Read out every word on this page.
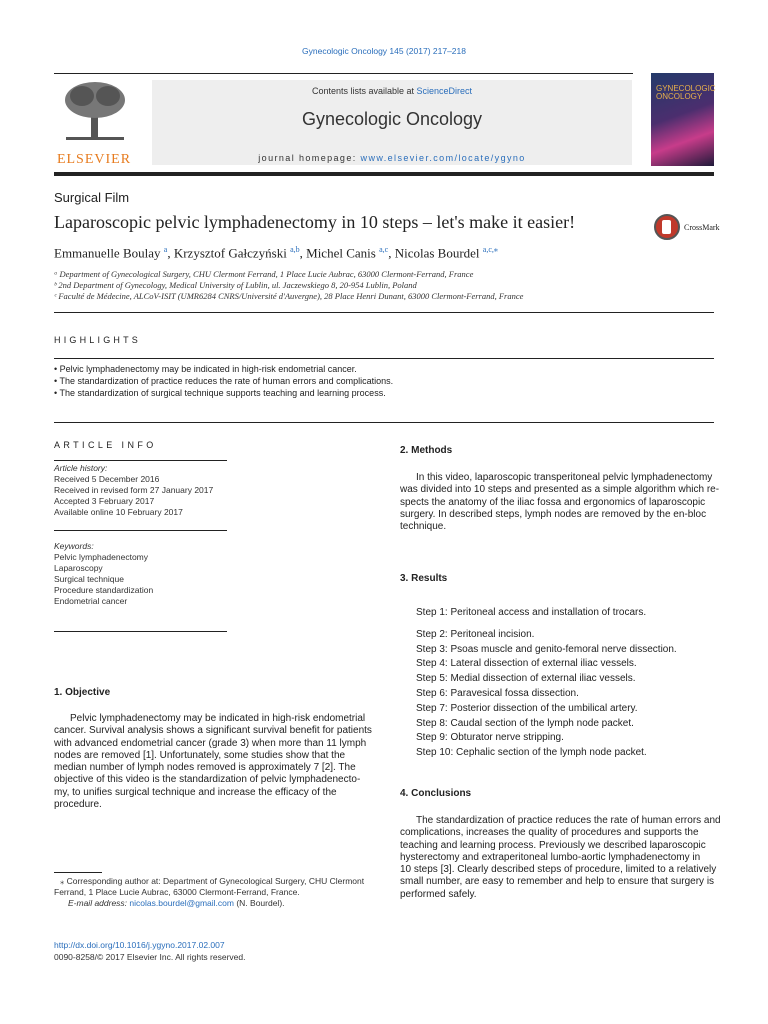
Gynecologic Oncology 145 (2017) 217–218
ELSEVIER
Contents lists available at ScienceDirect
Gynecologic Oncology
journal homepage: www.elsevier.com/locate/ygyno
GYNECOLOGIC
ONCOLOGY
Surgical Film
Laparoscopic pelvic lymphadenectomy in 10 steps – let's make it easier!	CrossMark
Emmanuelle Boulay $^a$, Krzysztof Gałczyński $^{a,b}$, Michel Canis $^{a,c}$, Nicolas Bourdel $^{a,c,⁎}$
ᵃ Department of Gynecological Surgery, CHU Clermont Ferrand, 1 Place Lucie Aubrac, 63000 Clermont-Ferrand, France
ᵇ 2nd Department of Gynecology, Medical University of Lublin, ul. Jaczewskiego 8, 20-954 Lublin, Poland
ᶜ Faculté de Médecine, ALCoV-ISIT (UMR6284 CNRS/Université d'Auvergne), 28 Place Henri Dunant, 63000 Clermont-Ferrand, France
HIGHLIGHTS
• Pelvic lymphadenectomy may be indicated in high-risk endometrial cancer.
• The standardization of practice reduces the rate of human errors and complications.
• The standardization of surgical technique supports teaching and learning process.
ARTICLE INFO
Article history:
Received 5 December 2016
Received in revised form 27 January 2017
Accepted 3 February 2017
Available online 10 February 2017
Keywords:
Pelvic lymphadenectomy
Laparoscopy
Surgical technique
Procedure standardization
Endometrial cancer
1. Objective
Pelvic lymphadenectomy may be indicated in high-risk endometrial
cancer. Survival analysis shows a significant survival benefit for patients
with advanced endometrial cancer (grade 3) when more than 11 lymph
nodes are removed [1]. Unfortunately, some studies show that the
median number of lymph nodes removed is approximately 7 [2]. The
objective of this video is the standardization of pelvic lymphadenecto-
my, to unifies surgical technique and increase the efficacy of the
procedure.
⁎ Corresponding author at: Department of Gynecological Surgery, CHU Clermont
Ferrand, 1 Place Lucie Aubrac, 63000 Clermont-Ferrand, France.
E-mail address: nicolas.bourdel@gmail.com (N. Bourdel).
http://dx.doi.org/10.1016/j.ygyno.2017.02.007
0090-8258/© 2017 Elsevier Inc. All rights reserved.
2. Methods
In this video, laparoscopic transperitoneal pelvic lymphadenectomy
was divided into 10 steps and presented as a simple algorithm which re-
spects the anatomy of the iliac fossa and ergonomics of laparoscopic
surgery. In described steps, lymph nodes are removed by the en-bloc
technique.
3. Results
Step 1: Peritoneal access and installation of trocars.
Step 2: Peritoneal incision.
Step 3: Psoas muscle and genito-femoral nerve dissection.
Step 4: Lateral dissection of external iliac vessels.
Step 5: Medial dissection of external iliac vessels.
Step 6: Paravesical fossa dissection.
Step 7: Posterior dissection of the umbilical artery.
Step 8: Caudal section of the lymph node packet.
Step 9: Obturator nerve stripping.
Step 10: Cephalic section of the lymph node packet.
4. Conclusions
The standardization of practice reduces the rate of human errors and
complications, increases the quality of procedures and supports the
teaching and learning process. Previously we described laparoscopic
hysterectomy and extraperitoneal lumbo-aortic lymphadenectomy in
10 steps [3]. Clearly described steps of procedure, limited to a relatively
small number, are easy to remember and help to ensure that surgery is
performed safely.
